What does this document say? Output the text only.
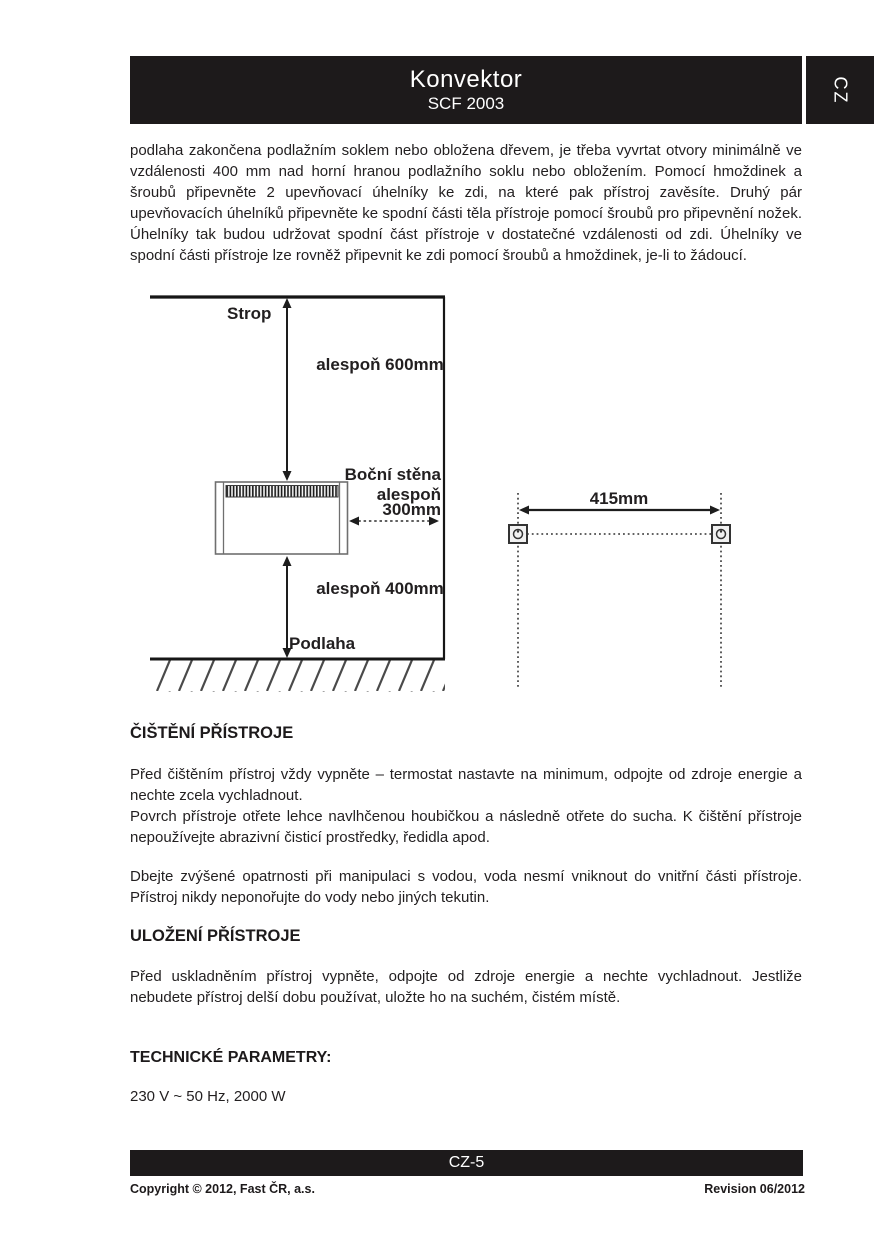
Konvektor
SCF 2003	CZ

podlaha zakončena podlažním soklem nebo obložena dřevem, je třeba vyvrtat otvory minimálně ve vzdálenosti 400 mm nad horní hranou podlažního soklu nebo obložením. Pomocí hmoždinek a šroubů připevněte 2 upevňovací úhelníky ke zdi, na které pak přístroj zavěsíte. Druhý pár upevňovacích úhelníků připevněte ke spodní části těla přístroje pomocí šroubů pro připevnění nožek. Úhelníky tak budou udržovat spodní část přístroje v dostatečné vzdálenosti od zdi. Úhelníky ve spodní části přístroje lze rovněž připevnit ke zdi pomocí šroubů a hmoždinek, je-li to žádoucí.

Strop
alespoň 600mm
Boční stěna
alespoň
300mm
alespoň 400mm
Podlaha
415mm
ČIŠTĚNÍ PŘÍSTROJE

Před čištěním přístroj vždy vypněte – termostat nastavte na minimum, odpojte od zdroje energie a nechte zcela vychladnout.

Povrch přístroje otřete lehce navlhčenou houbičkou a následně otřete do sucha. K čištění přístroje nepoužívejte abrazivní čisticí prostředky, ředidla apod.

Dbejte zvýšené opatrnosti při manipulaci s vodou, voda nesmí vniknout do vnitřní části přístroje. Přístroj nikdy neponořujte do vody nebo jiných tekutin.

ULOŽENÍ PŘÍSTROJE

Před uskladněním přístroj vypněte, odpojte od zdroje energie a nechte vychladnout. Jestliže nebudete přístroj delší dobu používat, uložte ho na suchém, čistém místě.

TECHNICKÉ PARAMETRY:
230 V ~ 50 Hz, 2000 W
CZ-5
Copyright © 2012, Fast ČR, a.s.	Revision 06/2012
